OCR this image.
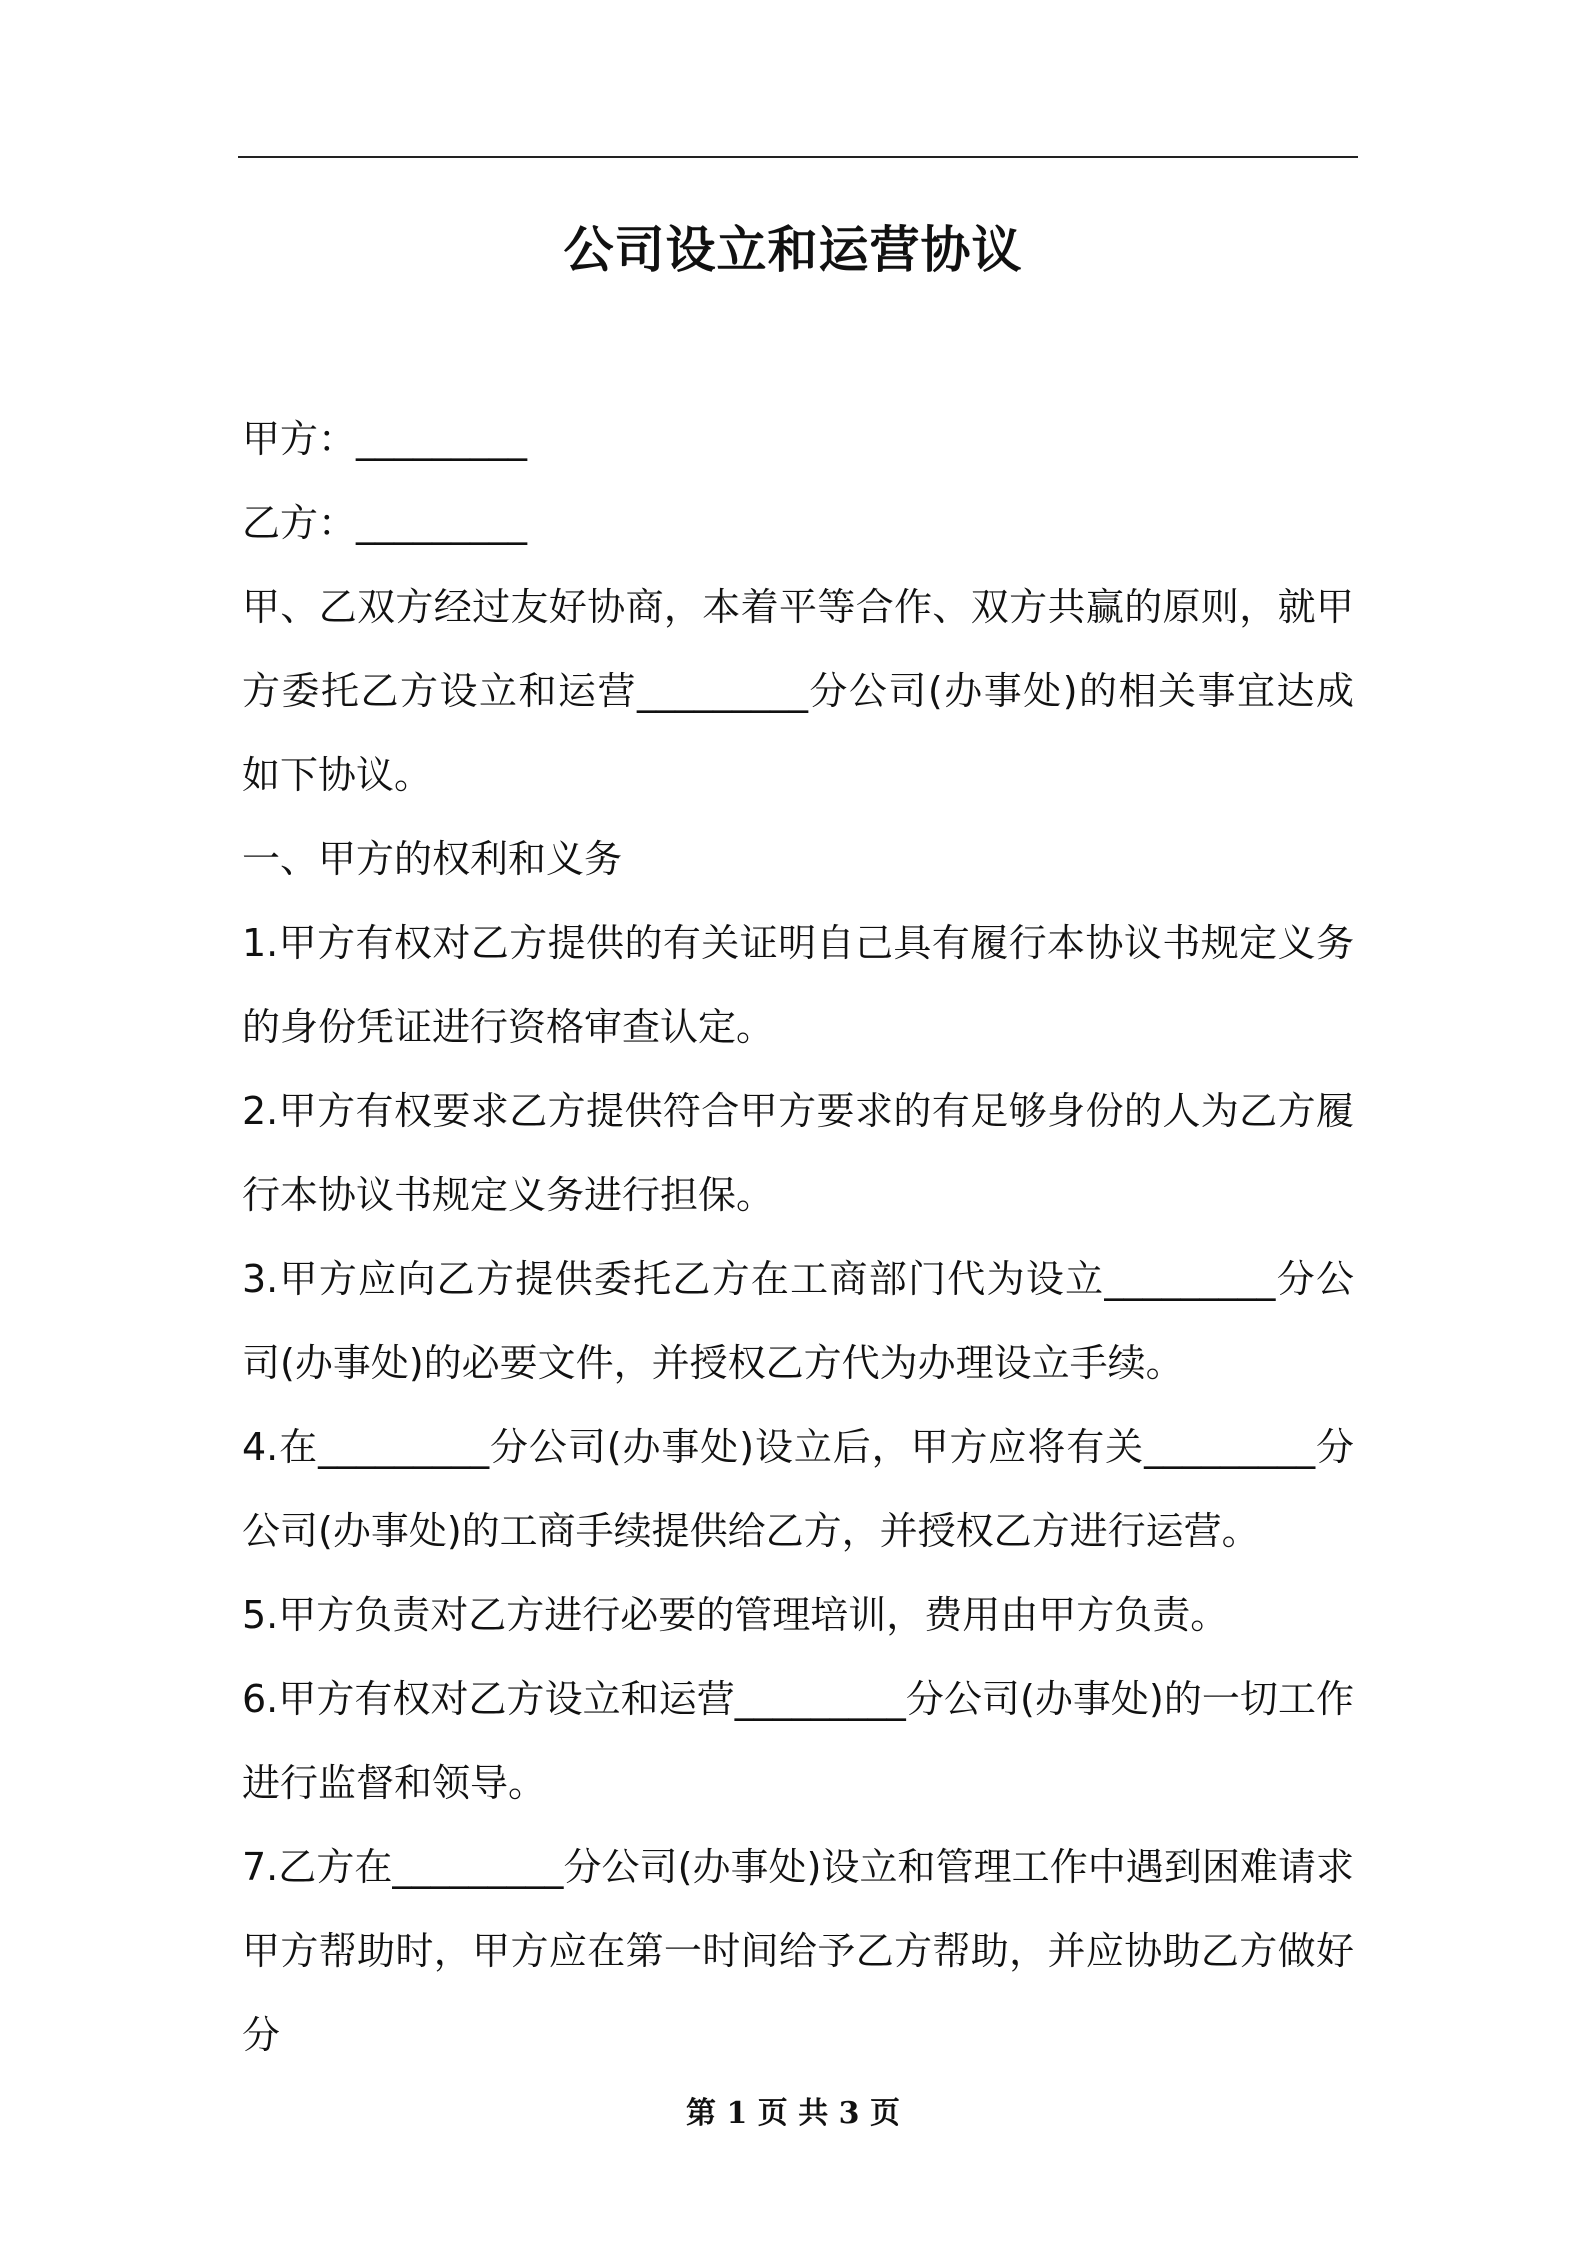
公司设立和运营协议

甲方：_________

乙方：_________

甲、乙双方经过友好协商，本着平等合作、双方共赢的原则，就甲方委托乙方设立和运营_________分公司(办事处)的相关事宜达成如下协议。

一、甲方的权利和义务

1.甲方有权对乙方提供的有关证明自己具有履行本协议书规定义务的身份凭证进行资格审查认定。

2.甲方有权要求乙方提供符合甲方要求的有足够身份的人为乙方履行本协议书规定义务进行担保。

3.甲方应向乙方提供委托乙方在工商部门代为设立_________分公司(办事处)的必要文件，并授权乙方代为办理设立手续。

4.在_________分公司(办事处)设立后，甲方应将有关_________分公司(办事处)的工商手续提供给乙方，并授权乙方进行运营。

5.甲方负责对乙方进行必要的管理培训，费用由甲方负责。

6.甲方有权对乙方设立和运营_________分公司(办事处)的一切工作进行监督和领导。

7.乙方在_________分公司(办事处)设立和管理工作中遇到困难请求甲方帮助时，甲方应在第一时间给予乙方帮助，并应协助乙方做好分

第 1 页 共 3 页
